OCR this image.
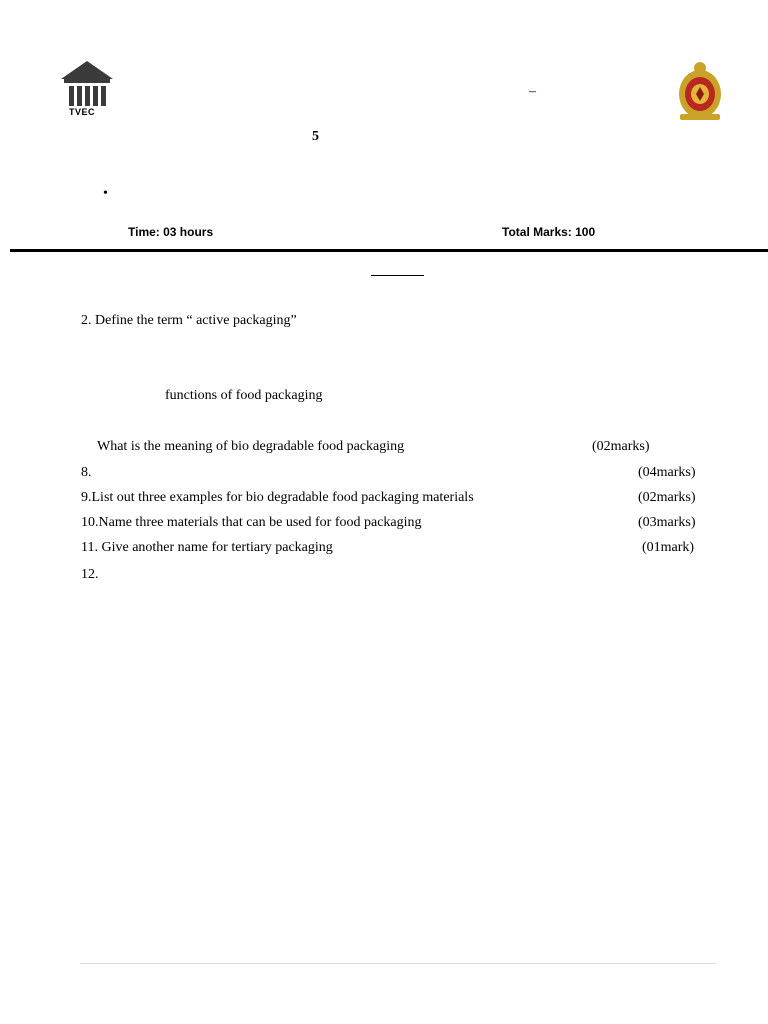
TVEC
–
5
•
Time: 03 hours	Total Marks: 100
2. Define the term “ active packaging”
functions of food packaging
What is the meaning of bio degradable food packaging	(02marks)
8.	(04marks)
9.List out three examples for bio degradable food packaging materials	(02marks)
10.Name three materials that can be used for food packaging	(03marks)
11. Give another name for tertiary packaging	(01mark)
12.
